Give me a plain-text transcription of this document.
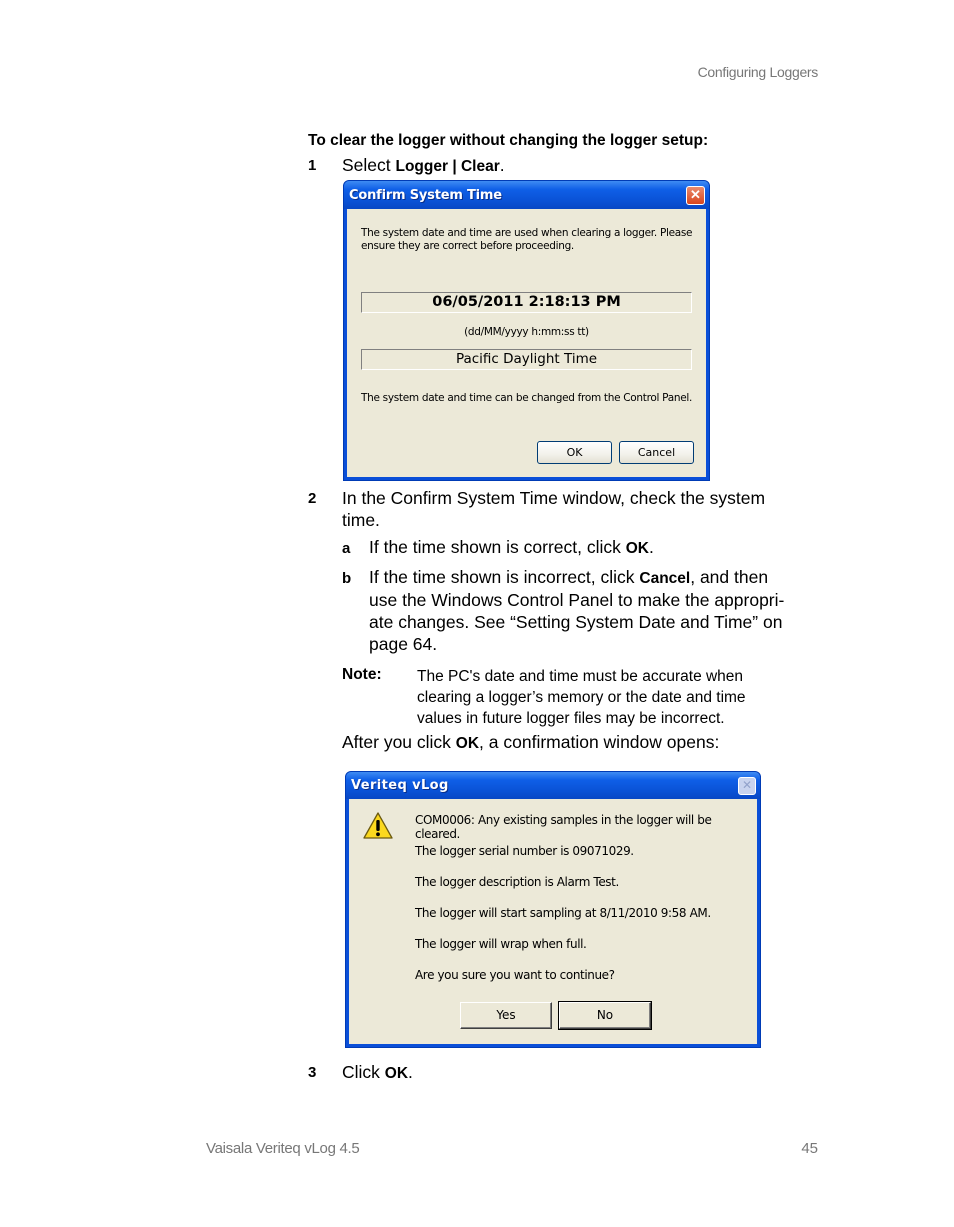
Configuring Loggers
Vaisala Veriteq vLog 4.5	45
To clear the logger without changing the logger setup:
1 Select Logger | Clear.
Confirm System Time	✕
The system date and time are used when clearing a logger. Please
ensure they are correct before proceeding.
06/05/2011 2:18:13 PM
(dd/MM/yyyy h:mm:ss tt)
Pacific Daylight Time
The system date and time can be changed from the Control Panel.
OK	Cancel
2 In the Confirm System Time window, check the system
time.
a If the time shown is correct, click OK.
b If the time shown is incorrect, click Cancel, and then
use the Windows Control Panel to make the appropri-
ate changes. See “Setting System Date and Time” on
page 64.
Note: The PC's date and time must be accurate when
clearing a logger’s memory or the date and time
values in future logger files may be incorrect.
After you click OK, a confirmation window opens:
Veriteq vLog	✕
COM0006: Any existing samples in the logger will be cleared.
The logger serial number is 09071029.
The logger description is Alarm Test.
The logger will start sampling at 8/11/2010 9:58 AM.
The logger will wrap when full.
Are you sure you want to continue?
Yes	No
3 Click OK.
